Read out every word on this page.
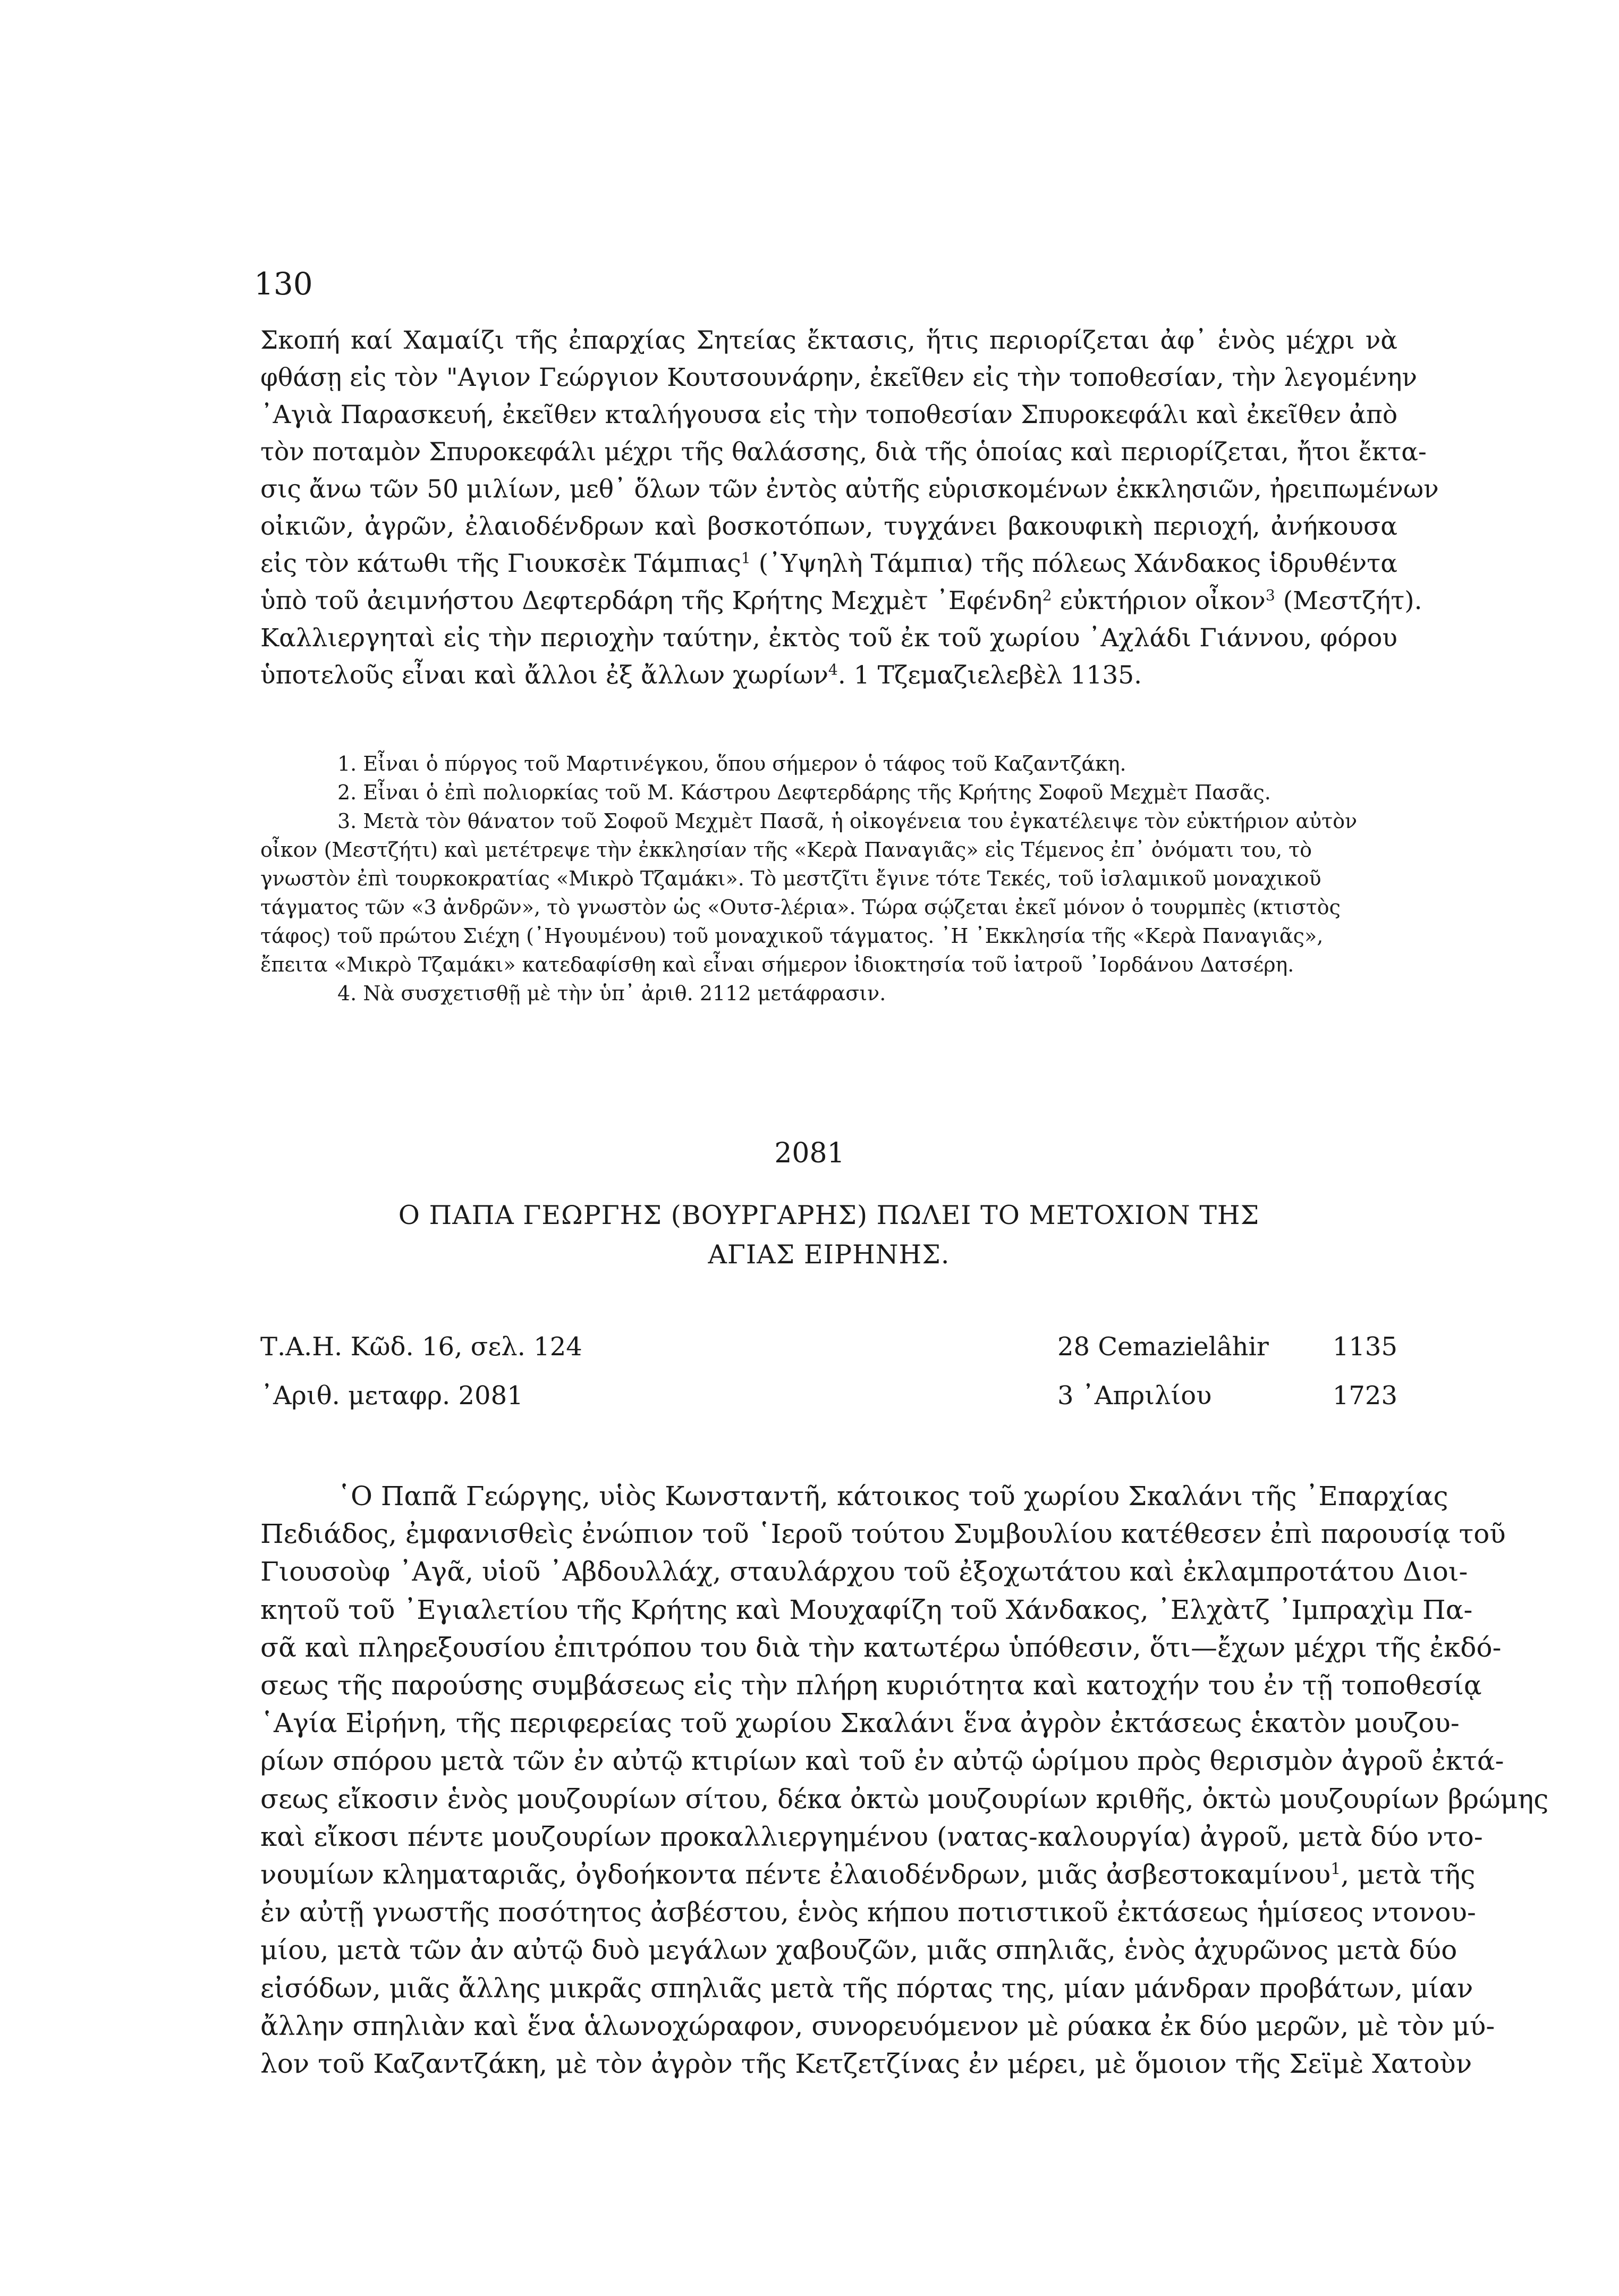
130
Σκοπή καί Χαμαίζι τῆς ἐπαρχίας Σητείας ἔκτασις, ἥτις περιορίζεται ἀφ᾽ ἑνὸς μέχρι νὰ
φθάσῃ εἰς τὸν "Αγιον Γεώργιον Κουτσουνάρην, ἐκεῖθεν εἰς τὴν τοποθεσίαν, τὴν λεγομένην
᾽Αγιὰ Παρασκευή, ἐκεῖθεν κταλήγουσα εἰς τὴν τοποθεσίαν Σπυροκεφάλι καὶ ἐκεῖθεν ἀπὸ
τὸν ποταμὸν Σπυροκεφάλι μέχρι τῆς θαλάσσης, διὰ τῆς ὁποίας καὶ περιορίζεται, ἤτοι ἔκτα-
σις ἄνω τῶν 50 μιλίων, μεθ᾽ ὅλων τῶν ἐντὸς αὐτῆς εὑρισκομένων ἐκκλησιῶν, ἠρειπωμένων
οἰκιῶν, ἀγρῶν, ἐλαιοδένδρων καὶ βοσκοτόπων, τυγχάνει βακουφικὴ περιοχή, ἀνήκουσα
εἰς τὸν κάτωθι τῆς Γιουκσὲκ Τάμπιας$^1$ (᾽Υψηλὴ Τάμπια) τῆς πόλεως Χάνδακος ἱδρυθέντα
ὑπὸ τοῦ ἀειμνήστου Δεφτερδάρη τῆς Κρήτης Μεχμὲτ ᾽Εφένδη$^2$ εὐκτήριον οἶκον$^3$ (Μεστζήτ).
Καλλιεργηταὶ εἰς τὴν περιοχὴν ταύτην, ἐκτὸς τοῦ ἐκ τοῦ χωρίου ᾽Αχλάδι Γιάννου, φόρου
ὑποτελοῦς εἶναι καὶ ἄλλοι ἐξ ἄλλων χωρίων$^4$. 1 Τζεμαζιελεβὲλ 1135.

1. Εἶναι ὁ πύργος τοῦ Μαρτινέγκου, ὅπου σήμερον ὁ τάφος τοῦ Καζαντζάκη.

2. Εἶναι ὁ ἐπὶ πολιορκίας τοῦ Μ. Κάστρου Δεφτερδάρης τῆς Κρήτης Σοφοῦ Μεχμὲτ Πασᾶς.

3. Μετὰ τὸν θάνατον τοῦ Σοφοῦ Μεχμὲτ Πασᾶ, ἡ οἰκογένεια του ἐγκατέλειψε τὸν εὐκτήριον αὐτὸν

οἶκον (Μεστζήτι) καὶ μετέτρεψε τὴν ἐκκλησίαν τῆς «Κερὰ Παναγιᾶς» εἰς Τέμενος ἐπ᾽ ὀνόματι του, τὸ

γνωστὸν ἐπὶ τουρκοκρατίας «Μικρὸ Τζαμάκι». Τὸ μεστζῖτι ἔγινε τότε Τεκές, τοῦ ἰσλαμικοῦ μοναχικοῦ

τάγματος τῶν «3 ἀνδρῶν», τὸ γνωστὸν ὡς «Ουτσ-λέρια». Τώρα σῴζεται ἐκεῖ μόνον ὁ τουρμπὲς (κτιστὸς

τάφος) τοῦ πρώτου Σιέχη (᾽Ηγουμένου) τοῦ μοναχικοῦ τάγματος. ᾽Η ᾽Εκκλησία τῆς «Κερὰ Παναγιᾶς»,

ἔπειτα «Μικρὸ Τζαμάκι» κατεδαφίσθη καὶ εἶναι σήμερον ἰδιοκτησία τοῦ ἰατροῦ ᾽Ιορδάνου Δατσέρη.

4. Νὰ συσχετισθῇ μὲ τὴν ὑπ᾽ ἀριθ. 2112 μετάφρασιν.

2081

Ο ΠΑΠΑ ΓΕΩΡΓΗΣ (ΒΟΥΡΓΑΡΗΣ) ΠΩΛΕΙ ΤΟ ΜΕΤΟΧΙΟΝ ΤΗΣ
ΑΓΙΑΣ ΕΙΡΗΝΗΣ.

Τ.Α.Η. Κῶδ. 16, σελ. 124	28 Cemazielâhir	1135
᾽Αριθ. μεταφρ. 2081	3 ᾽Απριλίου	1723
῾Ο Παπᾶ Γεώργης, υἱὸς Κωνσταντῆ, κάτοικος τοῦ χωρίου Σκαλάνι τῆς ᾽Επαρχίας
Πεδιάδος, ἐμφανισθεὶς ἐνώπιον τοῦ ῾Ιεροῦ τούτου Συμβουλίου κατέθεσεν ἐπὶ παρουσίᾳ τοῦ
Γιουσοὺφ ᾽Αγᾶ, υἱοῦ ᾽Αβδουλλάχ, σταυλάρχου τοῦ ἐξοχωτάτου καὶ ἐκλαμπροτάτου Διοι-
κητοῦ τοῦ ᾽Εγιαλετίου τῆς Κρήτης καὶ Μουχαφίζη τοῦ Χάνδακος, ᾽Ελχὰτζ ᾽Ιμπραχὶμ Πα-
σᾶ καὶ πληρεξουσίου ἐπιτρόπου του διὰ τὴν κατωτέρω ὑπόθεσιν, ὅτι—ἔχων μέχρι τῆς ἐκδό-
σεως τῆς παρούσης συμβάσεως εἰς τὴν πλήρη κυριότητα καὶ κατοχήν του ἐν τῇ τοποθεσίᾳ
῾Αγία Εἰρήνη, τῆς περιφερείας τοῦ χωρίου Σκαλάνι ἕνα ἀγρὸν ἐκτάσεως ἑκατὸν μουζου-
ρίων σπόρου μετὰ τῶν ἐν αὐτῷ κτιρίων καὶ τοῦ ἐν αὐτῷ ὡρίμου πρὸς θερισμὸν ἀγροῦ ἐκτά-
σεως εἴκοσιν ἑνὸς μουζουρίων σίτου, δέκα ὀκτὼ μουζουρίων κριθῆς, ὀκτὼ μουζουρίων βρώμης
καὶ εἴκοσι πέντε μουζουρίων προκαλλιεργημένου (νατας-καλουργία) ἀγροῦ, μετὰ δύο ντο-
νουμίων κληματαριᾶς, ὀγδοήκοντα πέντε ἐλαιοδένδρων, μιᾶς ἀσβεστοκαμίνου$^1$, μετὰ τῆς
ἐν αὐτῇ γνωστῆς ποσότητος ἀσβέστου, ἑνὸς κήπου ποτιστικοῦ ἐκτάσεως ἡμίσεος ντονου-
μίου, μετὰ τῶν ἀν αὐτῷ δυὸ μεγάλων χαβουζῶν, μιᾶς σπηλιᾶς, ἑνὸς ἀχυρῶνος μετὰ δύο
εἰσόδων, μιᾶς ἄλλης μικρᾶς σπηλιᾶς μετὰ τῆς πόρτας της, μίαν μάνδραν προβάτων, μίαν
ἄλλην σπηλιὰν καὶ ἕνα ἁλωνοχώραφον, συνορευόμενον μὲ ρύακα ἐκ δύο μερῶν, μὲ τὸν μύ-
λον τοῦ Καζαντζάκη, μὲ τὸν ἀγρὸν τῆς Κετζετζίνας ἐν μέρει, μὲ ὅμοιον τῆς Σεϊμὲ Χατοὺν
